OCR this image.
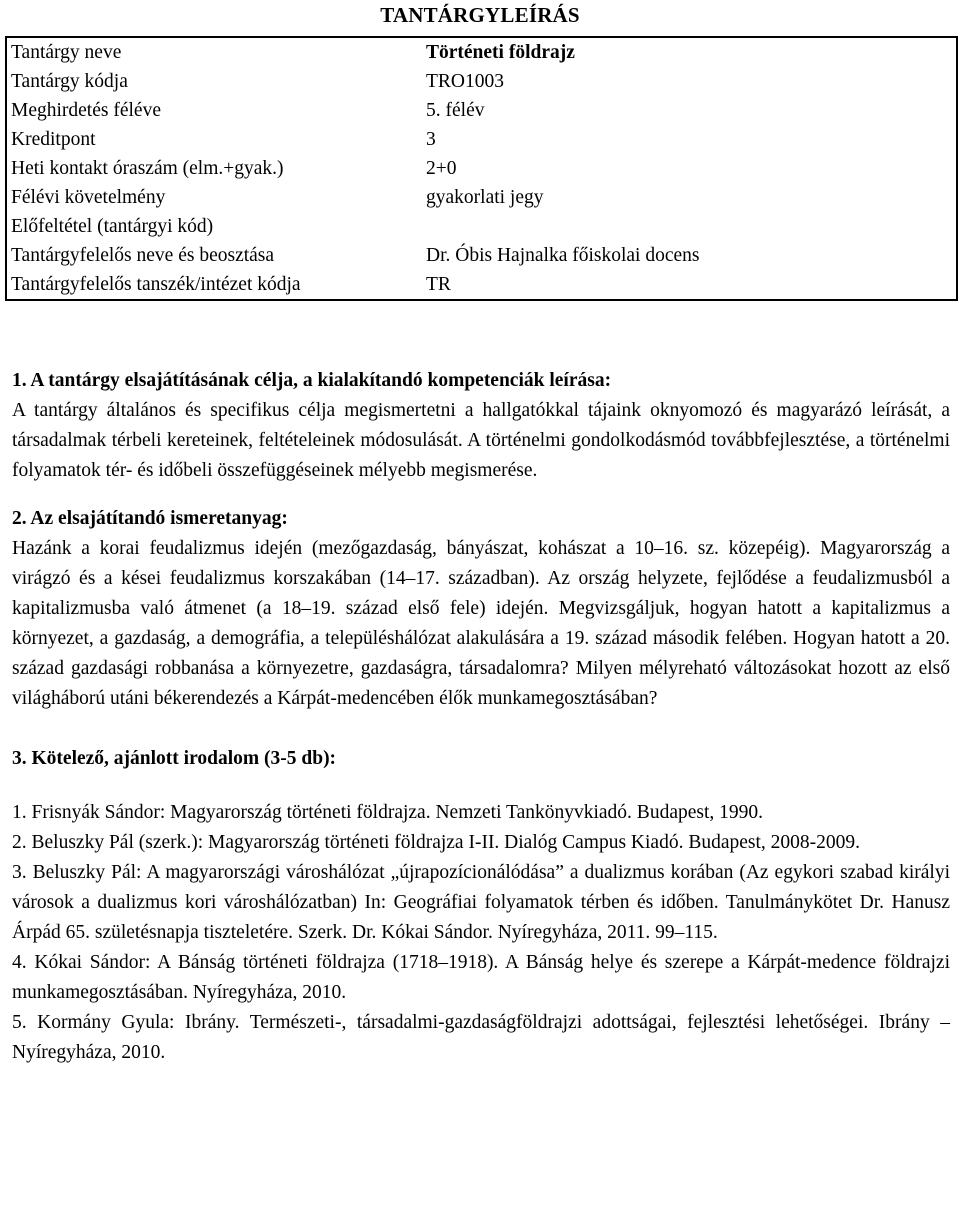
TANTÁRGYLEÍRÁS
Tantárgy neve	Történeti földrajz
Tantárgy kódja	TRO1003
Meghirdetés féléve	5. félév
Kreditpont	3
Heti kontakt óraszám (elm.+gyak.)	2+0
Félévi követelmény	gyakorlati jegy
Előfeltétel (tantárgyi kód)	
Tantárgyfelelős neve és beosztása	Dr. Óbis Hajnalka főiskolai docens
Tantárgyfelelős tanszék/intézet kódja	TR

1. A tantárgy elsajátításának célja, a kialakítandó kompetenciák leírása:

A tantárgy általános és specifikus célja megismertetni a hallgatókkal tájaink oknyomozó és magyarázó leírását, a társadalmak térbeli kereteinek, feltételeinek módosulását. A történelmi gondolkodásmód továbbfejlesztése, a történelmi folyamatok tér- és időbeli összefüggéseinek mélyebb megismerése.

2. Az elsajátítandó ismeretanyag:

Hazánk a korai feudalizmus idején (mezőgazdaság, bányászat, kohászat a 10–16. sz. közepéig). Magyarország a virágzó és a kései feudalizmus korszakában (14–17. században). Az ország helyzete, fejlődése a feudalizmusból a kapitalizmusba való átmenet (a 18–19. század első fele) idején. Megvizsgáljuk, hogyan hatott a kapitalizmus a környezet, a gazdaság, a demográfia, a településhálózat alakulására a 19. század második felében. Hogyan hatott a 20. század gazdasági robbanása a környezetre, gazdaságra, társadalomra? Milyen mélyreható változásokat hozott az első világháború utáni békerendezés a Kárpát-medencében élők munkamegosztásában?

3. Kötelező, ajánlott irodalom (3-5 db):

1. Frisnyák Sándor: Magyarország történeti földrajza. Nemzeti Tankönyvkiadó. Budapest, 1990.

2. Beluszky Pál (szerk.): Magyarország történeti földrajza I-II. Dialóg Campus Kiadó. Budapest, 2008-2009.

3. Beluszky Pál: A magyarországi városhálózat „újrapozícionálódása” a dualizmus korában (Az egykori szabad királyi városok a dualizmus kori városhálózatban) In: Geográfiai folyamatok térben és időben. Tanulmánykötet Dr. Hanusz Árpád 65. születésnapja tiszteletére. Szerk. Dr. Kókai Sándor. Nyíregyháza, 2011. 99–115.

4. Kókai Sándor: A Bánság történeti földrajza (1718–1918). A Bánság helye és szerepe a Kárpát-medence földrajzi munkamegosztásában. Nyíregyháza, 2010.

5. Kormány Gyula: Ibrány. Természeti-, társadalmi-gazdaságföldrajzi adottságai, fejlesztési lehetőségei. Ibrány – Nyíregyháza, 2010.
